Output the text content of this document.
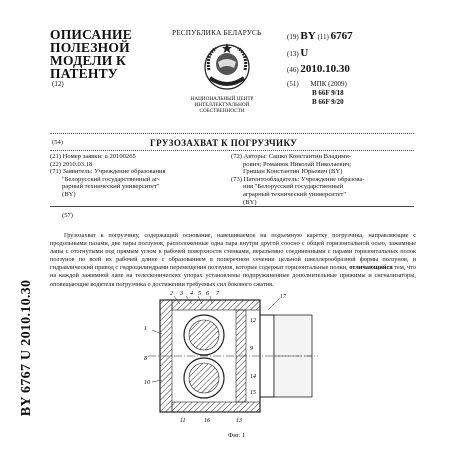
ОПИСАНИЕ
ПОЛЕЗНОЙ
МОДЕЛИ К
ПАТЕНТУ
(12)
РЕСПУБЛИКА БЕЛАРУСЬ
НАЦИОНАЛЬНЫЙ ЦЕНТР
ИНТЕЛЛЕКТУАЛЬНОЙ
СОБСТВЕННОСТИ
(19) BY (11) 6767
(13) U
(46) 2010.10.30
(51) МПК (2009)
B 66F 9/18
B 66F 9/20
(54)	ГРУЗОЗАХВАТ К ПОГРУЗЧИКУ
(21) Номер заявки: u 20100265
(22) 2010.03.18
(71) Заявитель: Учреждение образования
"Белорусский государственный аг-
рарный технический университет"
(BY)
(72) Авторы: Сашко Константин Владими-
рович; Романюк Николай Николаевич;
Гришан Константин Юрьевич (BY)
(73) Патентообладатель: Учреждение образова-
ния "Белорусский государственный
аграрный технический университет"
(BY)
(57)
Грузозахват к погрузчику, содержащий основание, навешиваемое на подъемную каретку погрузчика, направляющие с продольными пазами, две пары ползунов, расположенные одна пара внутри другой соосно с общей горизонтальной осью, зажимные лапы с отогнутыми под прямым углом к рабочей поверхности стенками, неразъемно соединенными с парами горизонтальных полок ползунов по всей их рабочей длине с образованием в поперечном сечении цельной швеллерообразной формы ползунов, и гидравлический привод с гидроцилиндрами перемещения ползунов, которые содержат горизонтальные полки, отличающийся тем, что на каждой зажимной лапе на телескопических упорах установлены подпружиненные дополнительные прижимы и сигнализаторы, оповещающие водителя погрузчика о достижении требуемых сил бокового сжатия.
BY 6767 U 2010.10.30	2 3 4 5 6 7	17
12
9
14
15
1
8
10
11	16	13
Фиг. 1
